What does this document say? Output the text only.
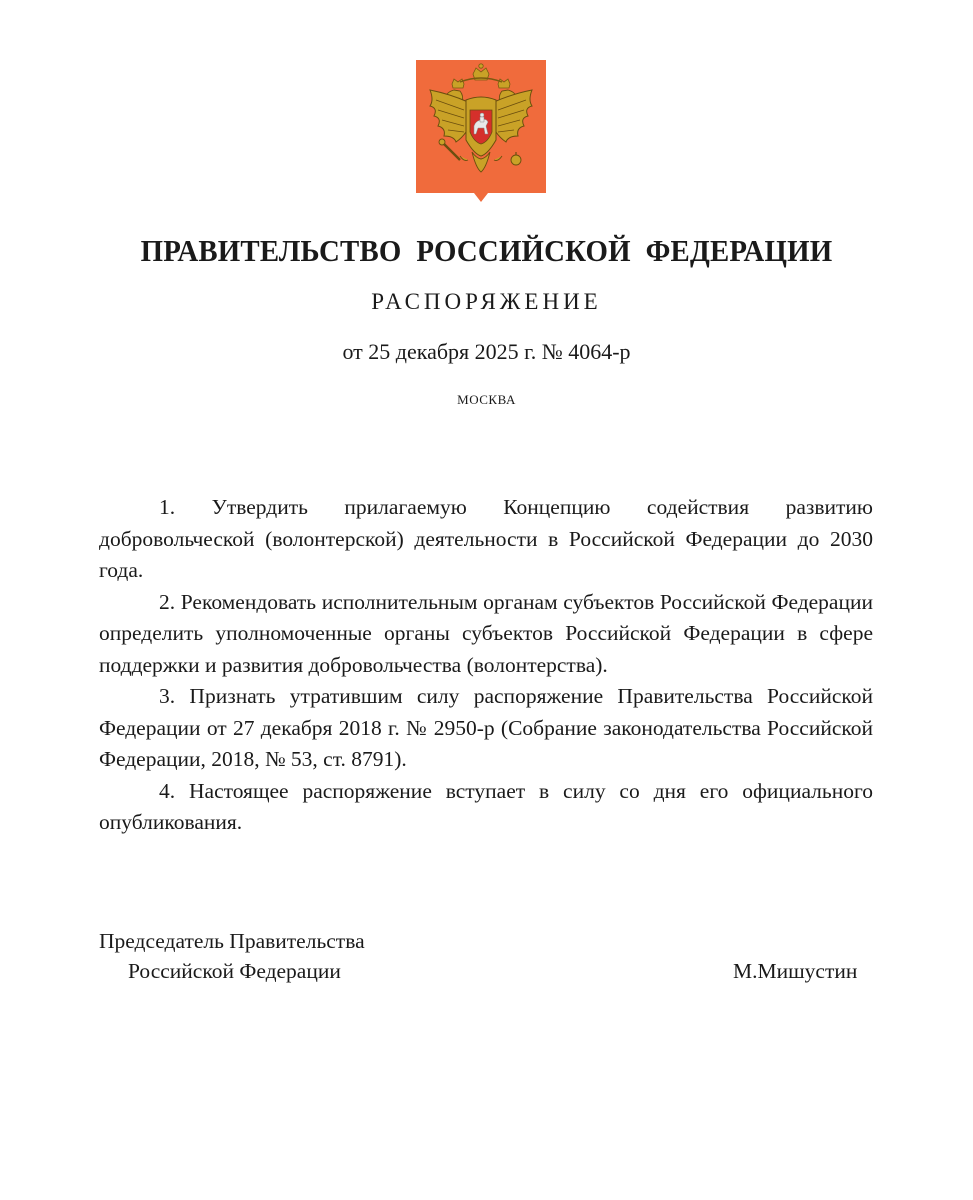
ПРАВИТЕЛЬСТВО РОССИЙСКОЙ ФЕДЕРАЦИИ
РАСПОРЯЖЕНИЕ
от 25 декабря 2025 г. № 4064-р
МОСКВА

1. Утвердить прилагаемую Концепцию содействия развитию добровольческой (волонтерской) деятельности в Российской Федерации до 2030 года.

2. Рекомендовать исполнительным органам субъектов Российской Федерации определить уполномоченные органы субъектов Российской Федерации в сфере поддержки и развития добровольчества (волонтерства).

3. Признать утратившим силу распоряжение Правительства Российской Федерации от 27 декабря 2018 г. № 2950-р (Собрание законодательства Российской Федерации, 2018, № 53, ст. 8791).

4. Настоящее распоряжение вступает в силу со дня его официального опубликования.

Председатель Правительства
Российской Федерации	М.Мишустин
